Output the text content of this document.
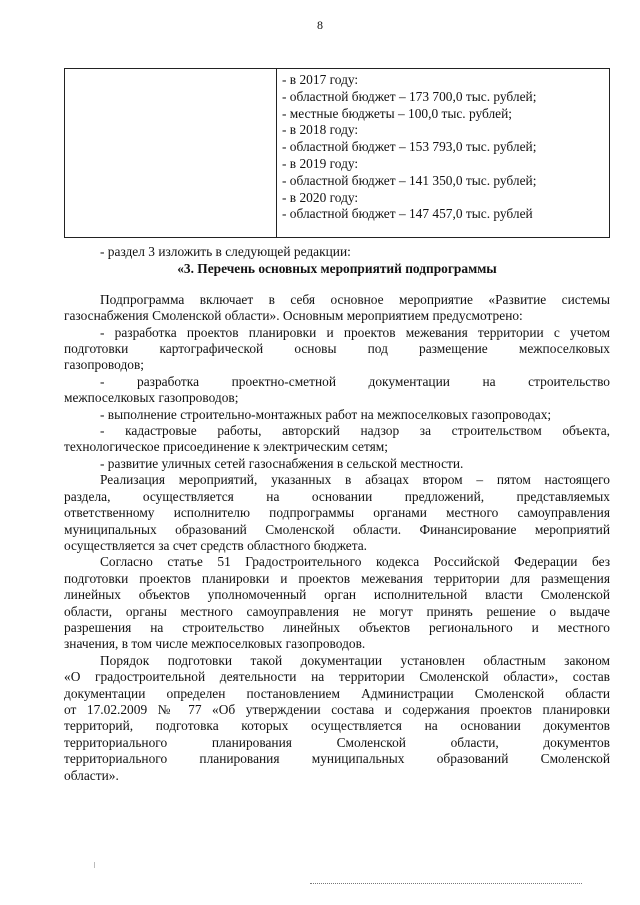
8
- в 2017 году:
- областной бюджет – 173 700,0 тыс. рублей;
- местные бюджеты – 100,0 тыс. рублей;
- в 2018 году:
- областной бюджет – 153 793,0 тыс. рублей;
- в 2019 году:
- областной бюджет – 141 350,0 тыс. рублей;
- в 2020 году:
- областной бюджет – 147 457,0 тыс. рублей
- раздел 3 изложить в следующей редакции:
«3. Перечень основных мероприятий подпрограммы
Подпрограмма включает в себя основное мероприятие «Развитие системы
газоснабжения Смоленской области». Основным мероприятием предусмотрено:
- разработка проектов планировки и проектов межевания территории с учетом
подготовки картографической основы под размещение межпоселковых
газопроводов;
- разработка проектно-сметной документации на строительство
межпоселковых газопроводов;
- выполнение строительно-монтажных работ на межпоселковых газопроводах;
- кадастровые работы, авторский надзор за строительством объекта,
технологическое присоединение к электрическим сетям;
- развитие уличных сетей газоснабжения в сельской местности.
Реализация мероприятий, указанных в абзацах втором – пятом настоящего
раздела, осуществляется на основании предложений, представляемых
ответственному исполнителю подпрограммы органами местного самоуправления
муниципальных образований Смоленской области. Финансирование мероприятий
осуществляется за счет средств областного бюджета.
Согласно статье 51 Градостроительного кодекса Российской Федерации без
подготовки проектов планировки и проектов межевания территории для размещения
линейных объектов уполномоченный орган исполнительной власти Смоленской
области, органы местного самоуправления не могут принять решение о выдаче
разрешения на строительство линейных объектов регионального и местного
значения, в том числе межпоселковых газопроводов.
Порядок подготовки такой документации установлен областным законом
«О градостроительной деятельности на территории Смоленской области», состав
документации определен постановлением Администрации Смоленской области
от 17.02.2009 № 77 «Об утверждении состава и содержания проектов планировки
территорий, подготовка которых осуществляется на основании документов
территориального планирования Смоленской области, документов
территориального планирования муниципальных образований Смоленской
области».
